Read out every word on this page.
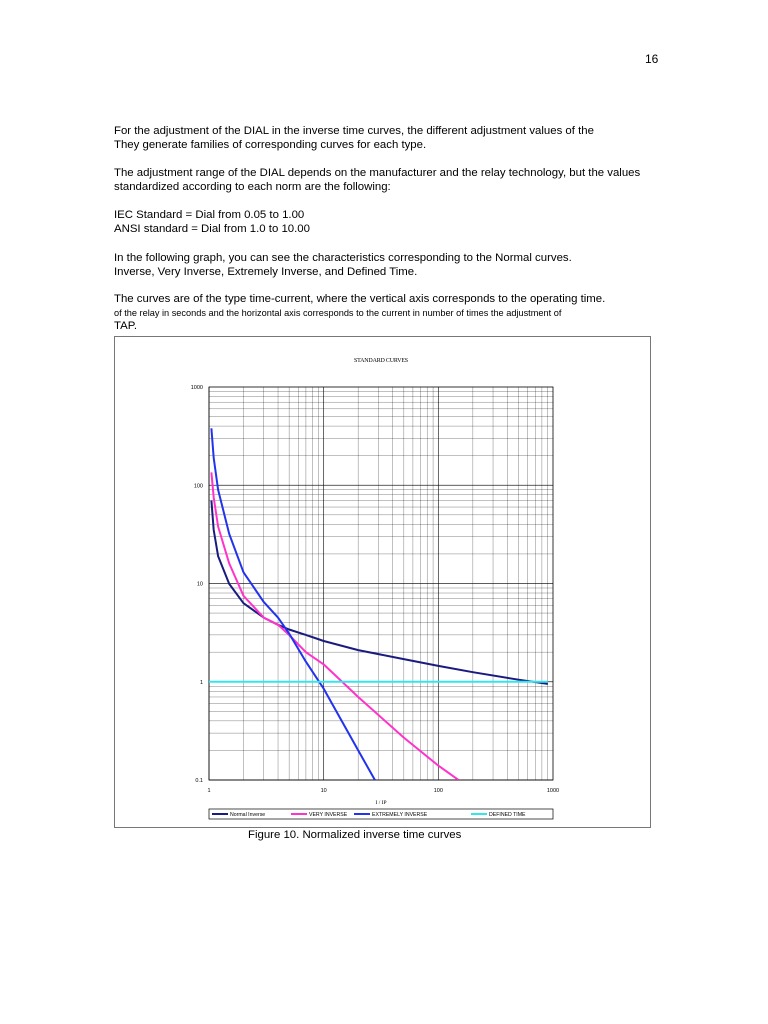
16

For the adjustment of the DIAL in the inverse time curves, the different adjustment values of the
They generate families of corresponding curves for each type.

The adjustment range of the DIAL depends on the manufacturer and the relay technology, but the values
standardized according to each norm are the following:

IEC Standard = Dial from 0.05 to 1.00
ANSI standard = Dial from 1.0 to 10.00

In the following graph, you can see the characteristics corresponding to the Normal curves.
Inverse, Very Inverse, Extremely Inverse, and Defined Time.

The curves are of the type time-current, where the vertical axis corresponds to the operating time.
of the relay in seconds and the horizontal axis corresponds to the current in number of times the adjustment of
TAP.

STANDARD CURVES
1	10	100	1000
1000
100
10
1
0.1
I / IP
Normal Inverse	VERY INVERSE	EXTREMELY INVERSE	DEFINED TIME
Figure 10. Normalized inverse time curves
